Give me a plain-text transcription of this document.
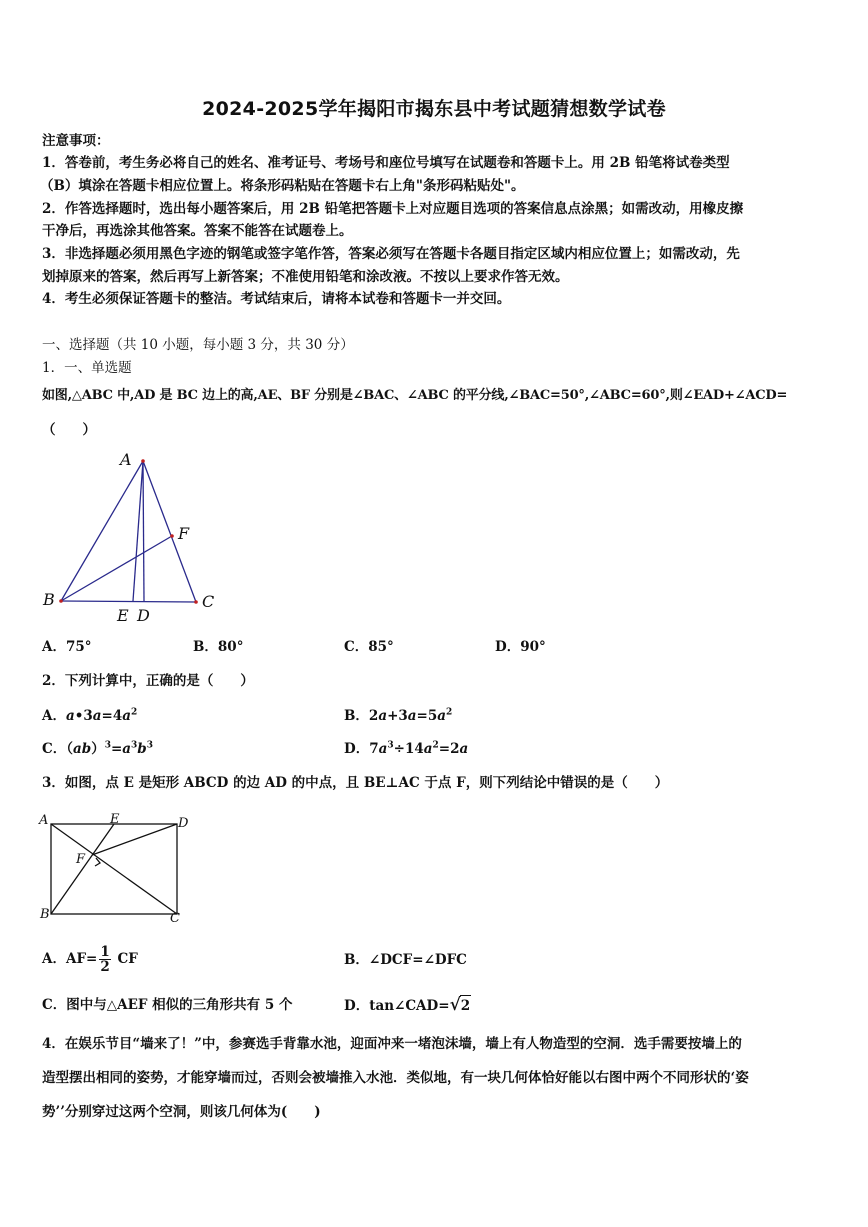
2024-2025学年揭阳市揭东县中考试题猜想数学试卷
注意事项：
1．答卷前，考生务必将自己的姓名、准考证号、考场号和座位号填写在试题卷和答题卡上。用 2B 铅笔将试卷类型
（B）填涂在答题卡相应位置上。将条形码粘贴在答题卡右上角"条形码粘贴处"。
2．作答选择题时，选出每小题答案后，用 2B 铅笔把答题卡上对应题目选项的答案信息点涂黑；如需改动，用橡皮擦
干净后，再选涂其他答案。答案不能答在试题卷上。
3．非选择题必须用黑色字迹的钢笔或签字笔作答，答案必须写在答题卡各题目指定区域内相应位置上；如需改动，先
划掉原来的答案，然后再写上新答案；不准使用铅笔和涂改液。不按以上要求作答无效。
4．考生必须保证答题卡的整洁。考试结束后，请将本试卷和答题卡一并交回。
一、选择题（共 10 小题，每小题 3 分，共 30 分）
1．一、单选题
如图,△ABC 中,AD 是 BC 边上的高,AE、BF 分别是∠BAC、∠ABC 的平分线,∠BAC=50°,∠ABC=60°,则∠EAD+∠ACD=
（　　）
A
B	C
D
E
F
A．75°	B．80°	C．85°	D．90°
2．下列计算中，正确的是（　　）
A．$a•3a=4a^2$	B．$2a+3a=5a^2$
C．$(ab)^3=a^3b^3$	D．$7a^3\div 14a^2=2a$
3．如图，点 E 是矩形 ABCD 的边 AD 的中点，且 BE⊥AC 于点 F，则下列结论中错误的是（　　）
A
B	C
D
E
F
A．$AF= \frac{1}{2}$ CF	B．∠DCF=∠DFC
C．图中与△AEF 相似的三角形共有 5 个	D．tan∠CAD=√2
4．在娱乐节目“墙来了！”中，参赛选手背靠水池，迎面冲来一堵泡沫墙，墙上有人物造型的空洞．选手需要按墙上的
造型摆出相同的姿势，才能穿墙而过，否则会被墙推入水池．类似地，有一块几何体恰好能以右图中两个不同形状的‘姿
势’’分别穿过这两个空洞，则该几何体为(　　)
